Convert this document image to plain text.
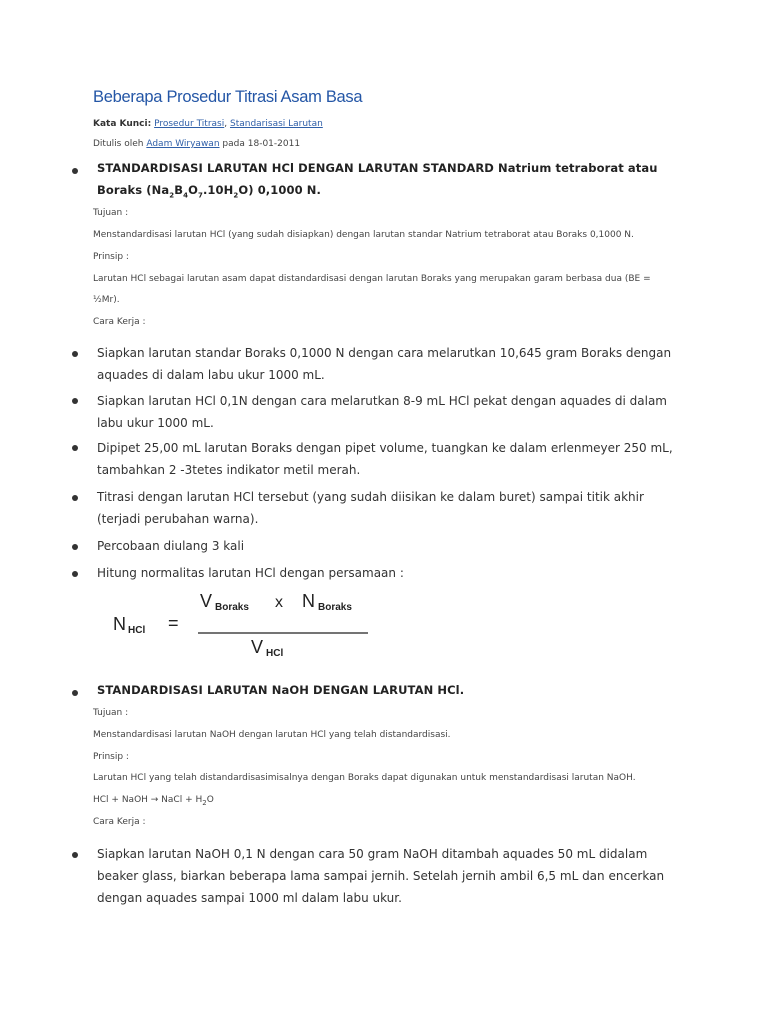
Beberapa Prosedur Titrasi Asam Basa
Kata Kunci: Prosedur Titrasi, Standarisasi Larutan
Ditulis oleh Adam Wiryawan pada 18-01-2011
STANDARDISASI LARUTAN HCl DENGAN LARUTAN STANDARD Natrium tetraborat atau
Boraks $(Na_2B_4O_7.10H_2O)$ 0,1000 N.
Tujuan :
Menstandardisasi larutan HCl (yang sudah disiapkan) dengan larutan standar Natrium tetraborat atau Boraks 0,1000 N.
Prinsip :
Larutan HCl sebagai larutan asam dapat distandardisasi dengan larutan Boraks yang merupakan garam berbasa dua (BE =
½Mr).
Cara Kerja :
Siapkan larutan standar Boraks 0,1000 N dengan cara melarutkan 10,645 gram Boraks dengan
aquades di dalam labu ukur 1000 mL.
Siapkan larutan HCl 0,1N dengan cara melarutkan 8-9 mL HCl pekat dengan aquades di dalam
labu ukur 1000 mL.
Dipipet 25,00 mL larutan Boraks dengan pipet volume, tuangkan ke dalam erlenmeyer 250 mL,
tambahkan 2 -3tetes indikator metil merah.
Titrasi dengan larutan HCl tersebut (yang sudah diisikan ke dalam buret) sampai titik akhir
(terjadi perubahan warna).
Percobaan diulang 3 kali
Hitung normalitas larutan HCl dengan persamaan :
N HCl =
V Boraks x N Boraks
V HCl
STANDARDISASI LARUTAN NaOH DENGAN LARUTAN HCl.
Tujuan :
Menstandardisasi larutan NaOH dengan larutan HCl yang telah distandardisasi.
Prinsip :
Larutan HCl yang telah distandardisasimisalnya dengan Boraks dapat digunakan untuk menstandardisasi larutan NaOH.
HCl + NaOH → NaCl + $H_2O$
Cara Kerja :
Siapkan larutan NaOH 0,1 N dengan cara 50 gram NaOH ditambah aquades 50 mL didalam
beaker glass, biarkan beberapa lama sampai jernih. Setelah jernih ambil 6,5 mL dan encerkan
dengan aquades sampai 1000 ml dalam labu ukur.
